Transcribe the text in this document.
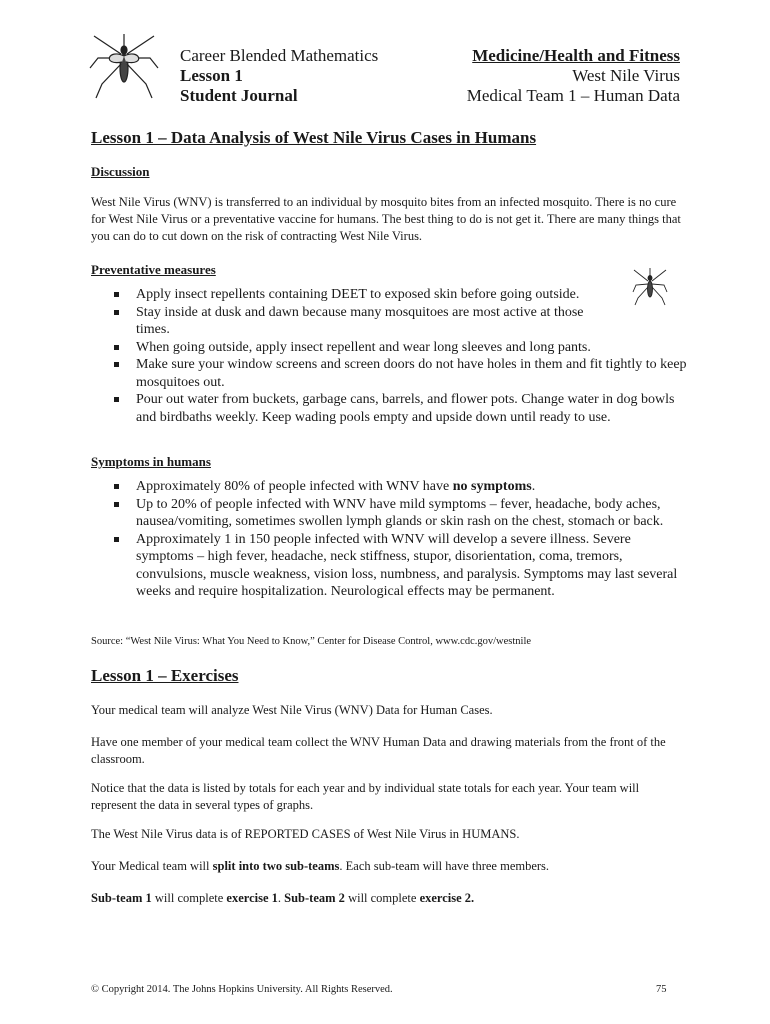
Career Blended Mathematics
Lesson 1
Student Journal
Medicine/Health and Fitness
West Nile Virus
Medical Team 1 – Human Data
Lesson 1 – Data Analysis of West Nile Virus Cases in Humans
Discussion

West Nile Virus (WNV) is transferred to an individual by mosquito bites from an infected mosquito. There is no cure for West Nile Virus or a preventative vaccine for humans. The best thing to do is not get it. There are many things that you can do to cut down on the risk of contracting West Nile Virus.

Preventative measures
Apply insect repellents containing DEET to exposed skin before going outside.
Stay inside at dusk and dawn because many mosquitoes are most active at those times.
When going outside, apply insect repellent and wear long sleeves and long pants.
Make sure your window screens and screen doors do not have holes in them and fit tightly to keep mosquitoes out.
Pour out water from buckets, garbage cans, barrels, and flower pots. Change water in dog bowls and birdbaths weekly. Keep wading pools empty and upside down until ready to use.
Symptoms in humans
Approximately 80% of people infected with WNV have no symptoms.
Up to 20% of people infected with WNV have mild symptoms – fever, headache, body aches, nausea/vomiting, sometimes swollen lymph glands or skin rash on the chest, stomach or back.
Approximately 1 in 150 people infected with WNV will develop a severe illness. Severe symptoms – high fever, headache, neck stiffness, stupor, disorientation, coma, tremors, convulsions, muscle weakness, vision loss, numbness, and paralysis. Symptoms may last several weeks and require hospitalization. Neurological effects may be permanent.
Source: “West Nile Virus: What You Need to Know,” Center for Disease Control, www.cdc.gov/westnile
Lesson 1 – Exercises

Your medical team will analyze West Nile Virus (WNV) Data for Human Cases.

Have one member of your medical team collect the WNV Human Data and drawing materials from the front of the classroom.

Notice that the data is listed by totals for each year and by individual state totals for each year. Your team will represent the data in several types of graphs.

The West Nile Virus data is of REPORTED CASES of West Nile Virus in HUMANS.

Your Medical team will split into two sub-teams. Each sub-team will have three members.

Sub-team 1 will complete exercise 1. Sub-team 2 will complete exercise 2.

© Copyright 2014. The Johns Hopkins University. All Rights Reserved.	75
